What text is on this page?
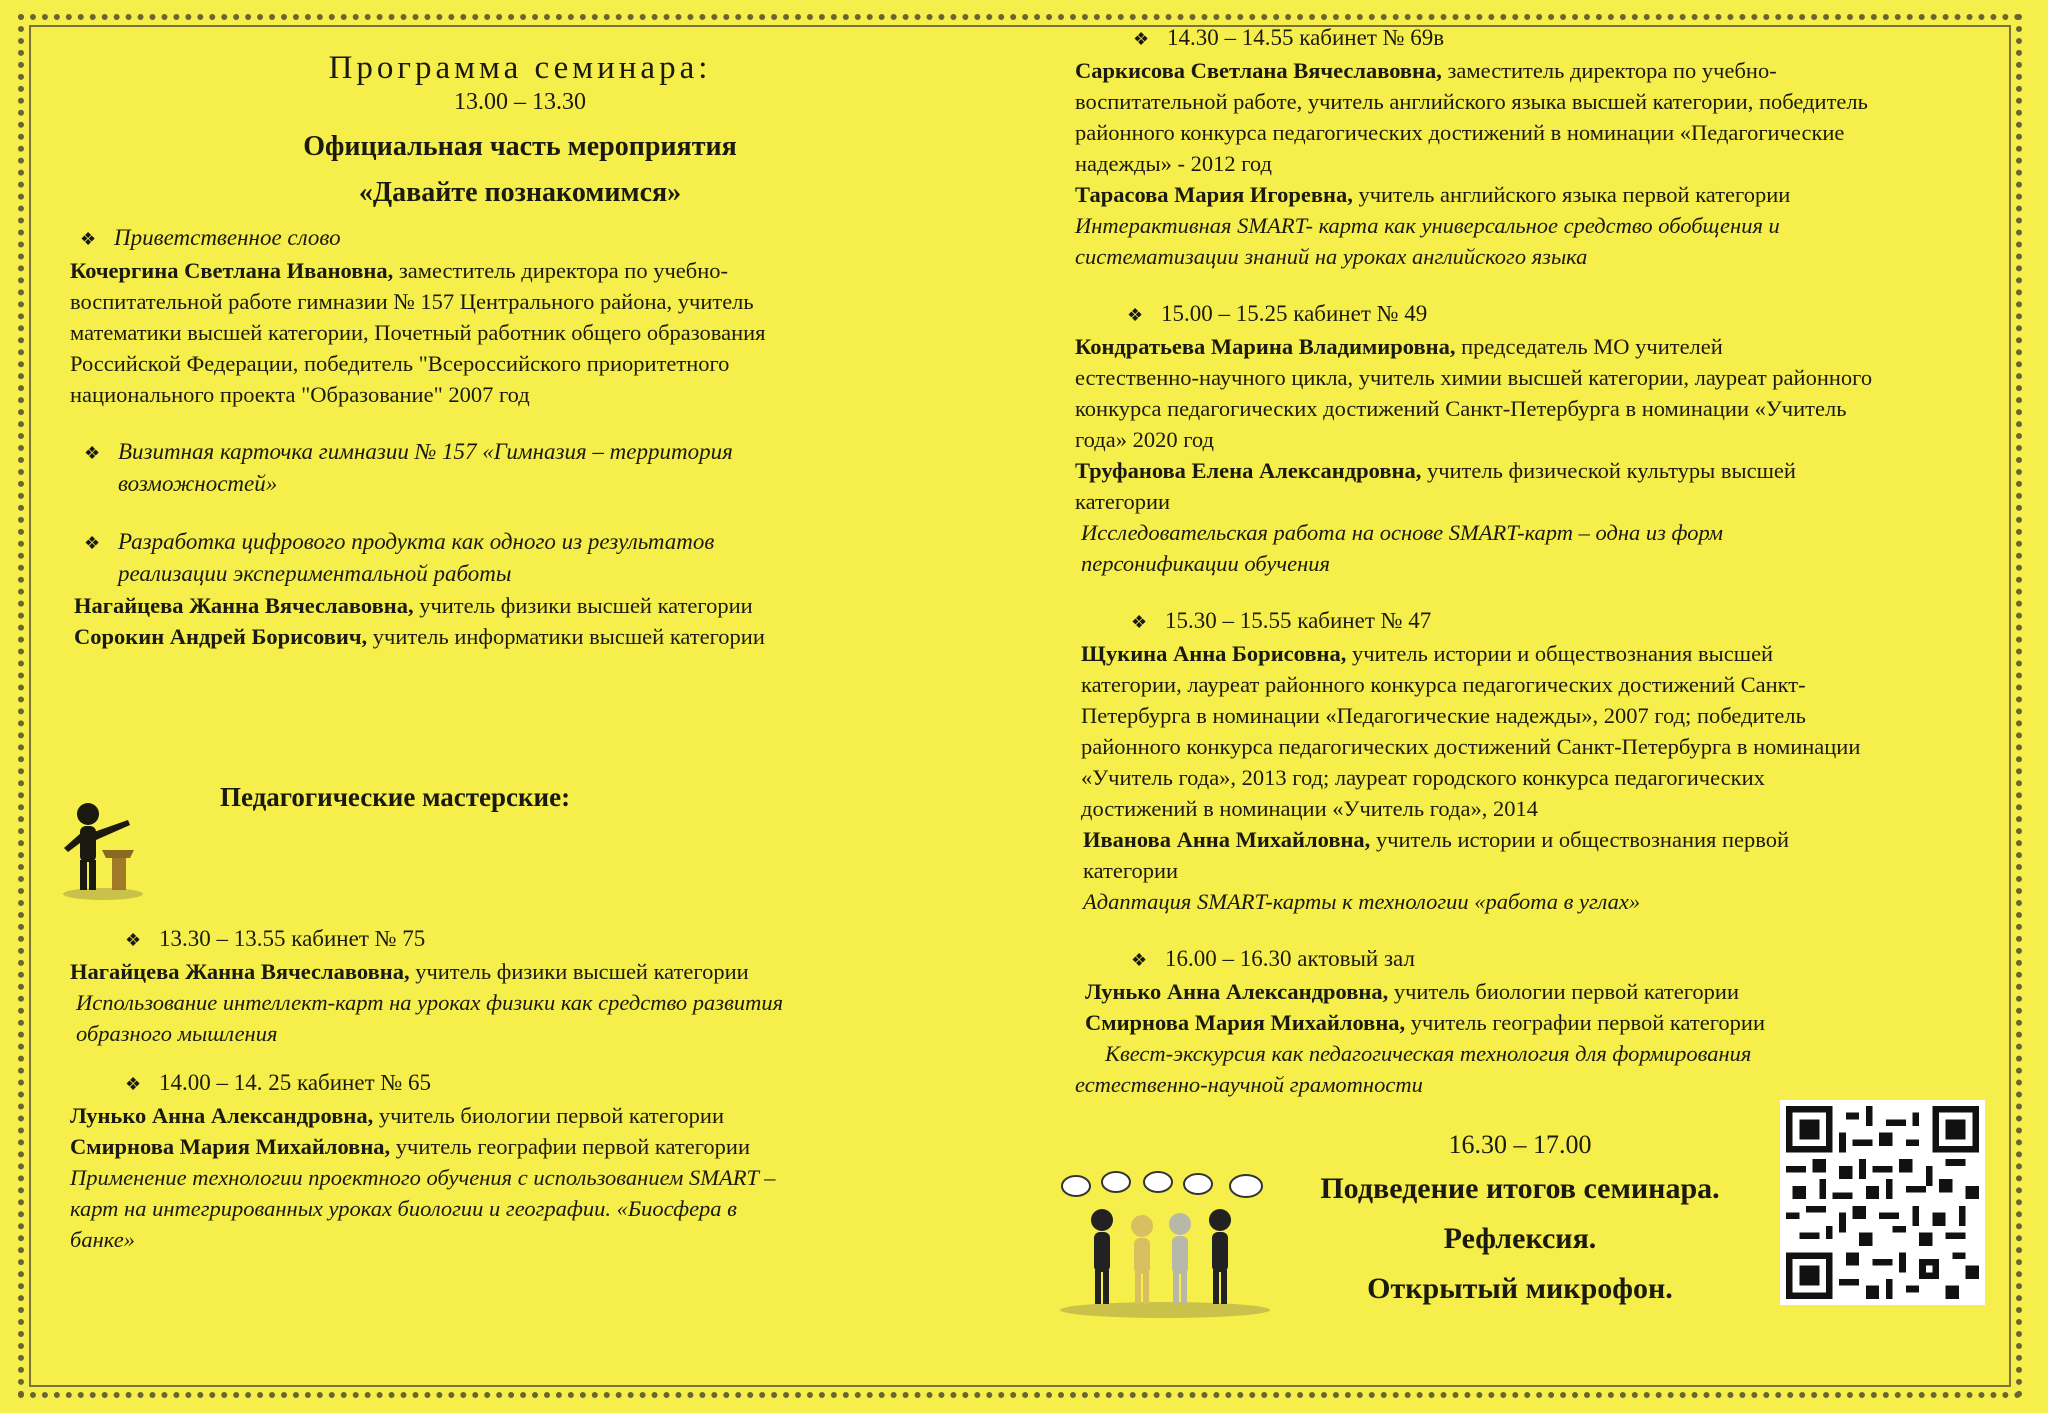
Программа семинара:

13.00 – 13.30

Официальная часть мероприятия

«Давайте познакомимся»

❖ Приветственное слово

Кочергина Светлана Ивановна, заместитель директора по учебно-

воспитательной работе гимназии № 157 Центрального района, учитель

математики высшей категории, Почетный работник общего образования

Российской Федерации, победитель "Всероссийского приоритетного

национального проекта "Образование" 2007 год

❖ Визитная карточка гимназии № 157 «Гимназия – территория
возможностей»
❖ Разработка цифрового продукта как одного из результатов
реализации экспериментальной работы

Нагайцева Жанна Вячеславовна, учитель физики высшей категории

Сорокин Андрей Борисович, учитель информатики высшей категории

Педагогические мастерские:

❖ 13.30 – 13.55 кабинет № 75

Нагайцева Жанна Вячеславовна, учитель физики высшей категории

Использование интеллект-карт на уроках физики как средство развития

образного мышления

❖ 14.00 – 14. 25 кабинет № 65

Лунько Анна Александровна, учитель биологии первой категории

Смирнова Мария Михайловна, учитель географии первой категории

Применение технологии проектного обучения с использованием SMART –

карт на интегрированных уроках биологии и географии. «Биосфера в

банке»

❖ 14.30 – 14.55 кабинет № 69в

Саркисова Светлана Вячеславовна, заместитель директора по учебно-

воспитательной работе, учитель английского языка высшей категории, победитель

районного конкурса педагогических достижений в номинации «Педагогические

надежды» - 2012 год

Тарасова Мария Игоревна, учитель английского языка первой категории

Интерактивная SMART- карта как универсальное средство обобщения и

систематизации знаний на уроках английского языка

❖ 15.00 – 15.25 кабинет № 49

Кондратьева Марина Владимировна, председатель МО учителей

естественно-научного цикла, учитель химии высшей категории, лауреат районного

конкурса педагогических достижений Санкт-Петербурга в номинации «Учитель

года» 2020 год

Труфанова Елена Александровна, учитель физической культуры высшей

категории

Исследовательская работа на основе SMART-карт – одна из форм

персонификации обучения

❖ 15.30 – 15.55 кабинет № 47

Щукина Анна Борисовна, учитель истории и обществознания высшей

категории, лауреат районного конкурса педагогических достижений Санкт-

Петербурга в номинации «Педагогические надежды», 2007 год; победитель

районного конкурса педагогических достижений Санкт-Петербурга в номинации

«Учитель года», 2013 год; лауреат городского конкурса педагогических

достижений в номинации «Учитель года», 2014

Иванова Анна Михайловна, учитель истории и обществознания первой

категории

Адаптация SMART-карты к технологии «работа в углах»

❖ 16.00 – 16.30 актовый зал

Лунько Анна Александровна, учитель биологии первой категории

Смирнова Мария Михайловна, учитель географии первой категории

Квест-экскурсия как педагогическая технология для формирования

естественно-научной грамотности

16.30 – 17.00

Подведение итогов семинара.

Рефлексия.

Открытый микрофон.
